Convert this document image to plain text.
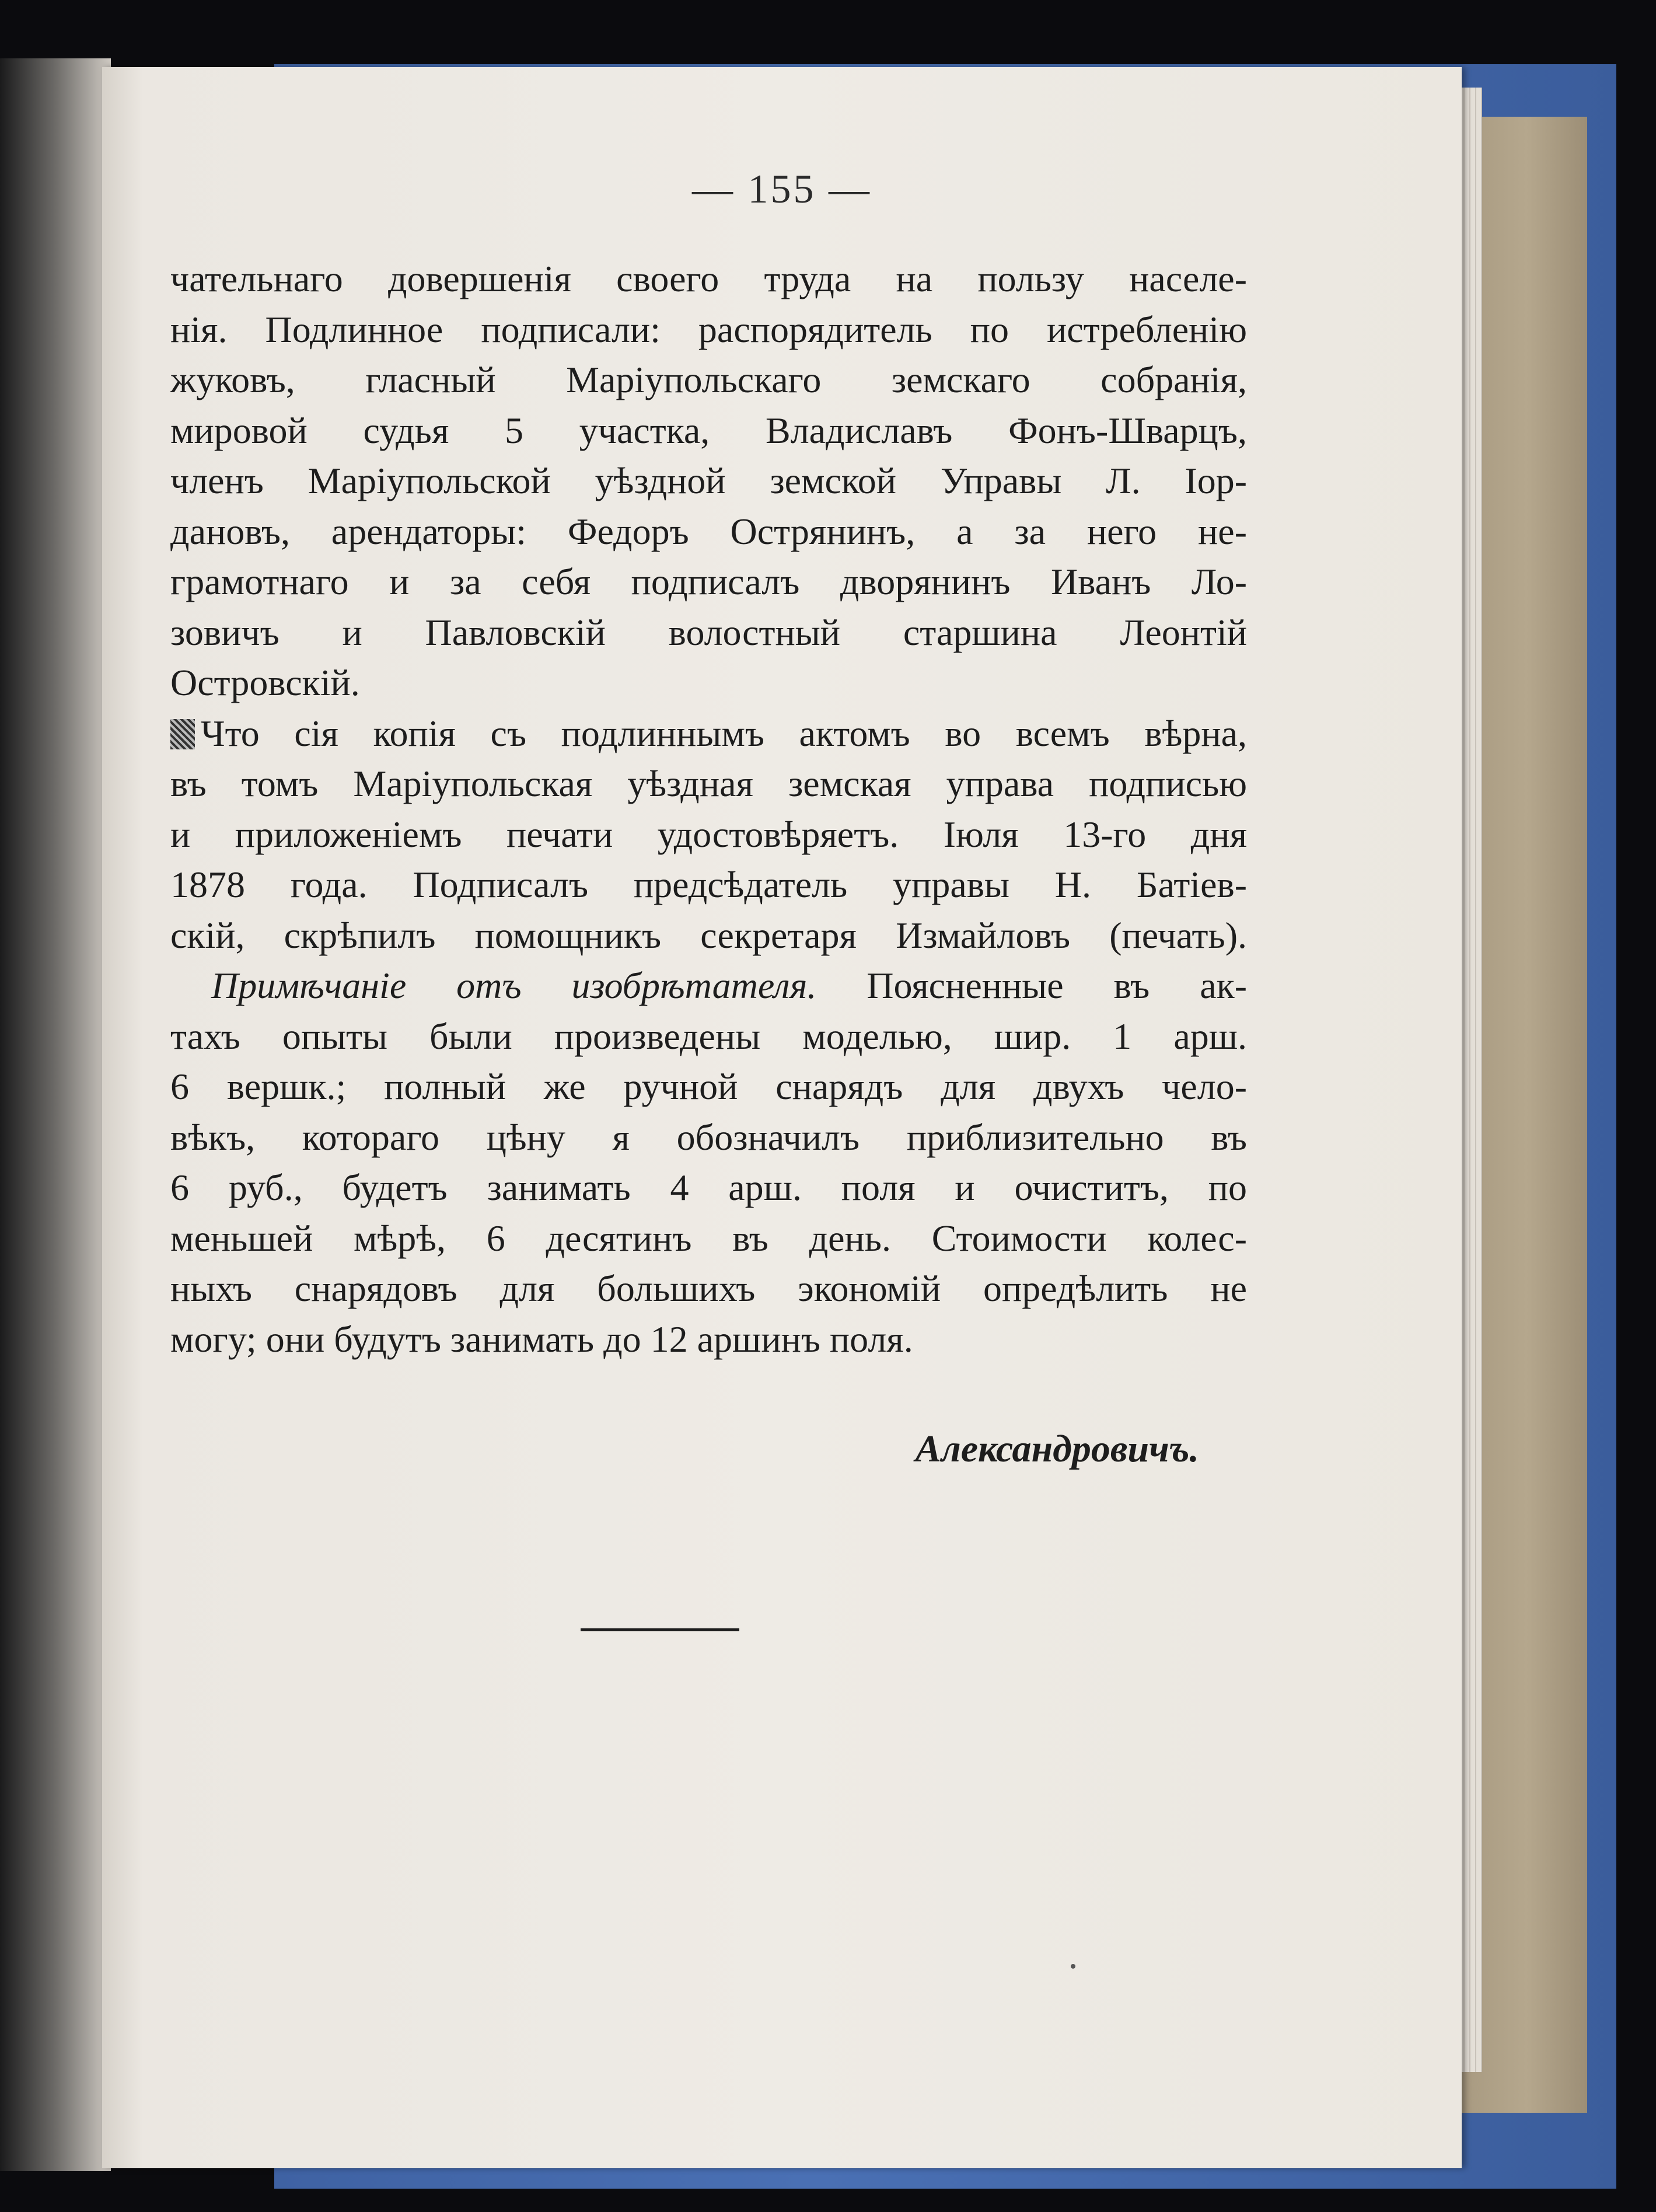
— 155 —
чательнаго довершенія своего труда на пользу населе-
нія. Подлинное подписали: распорядитель по истребленію
жуковъ, гласный Маріупольскаго земскаго собранія,
мировой судья 5 участка, Владиславъ Фонъ-Шварцъ,
членъ Маріупольской уѣздной земской Управы Л. Іор-
дановъ, арендаторы: Федоръ Острянинъ, а за него не-
грамотнаго и за себя подписалъ дворянинъ Иванъ Ло-
зовичъ и Павловскій волостный старшина Леонтій
Островскій.
Что сія копія съ подлиннымъ актомъ во всемъ вѣрна,
въ томъ Маріупольская уѣздная земская управа подписью
и приложеніемъ печати удостовѣряетъ. Іюля 13-го дня
1878 года. Подписалъ предсѣдатель управы Н. Батіев-
скій, скрѣпилъ помощникъ секретаря Измайловъ (печать).
Примѣчаніе отъ изобрѣтателя. Поясненные въ ак-
тахъ опыты были произведены моделью, шир. 1 арш.
6 вершк.; полный же ручной снарядъ для двухъ чело-
вѣкъ, котораго цѣну я обозначилъ приблизительно въ
6 руб., будетъ занимать 4 арш. поля и очиститъ, по
меньшей мѣрѣ, 6 десятинъ въ день. Стоимости колес-
ныхъ снарядовъ для большихъ экономій опредѣлить не
могу; они будутъ занимать до 12 аршинъ поля.
Александровичъ.
